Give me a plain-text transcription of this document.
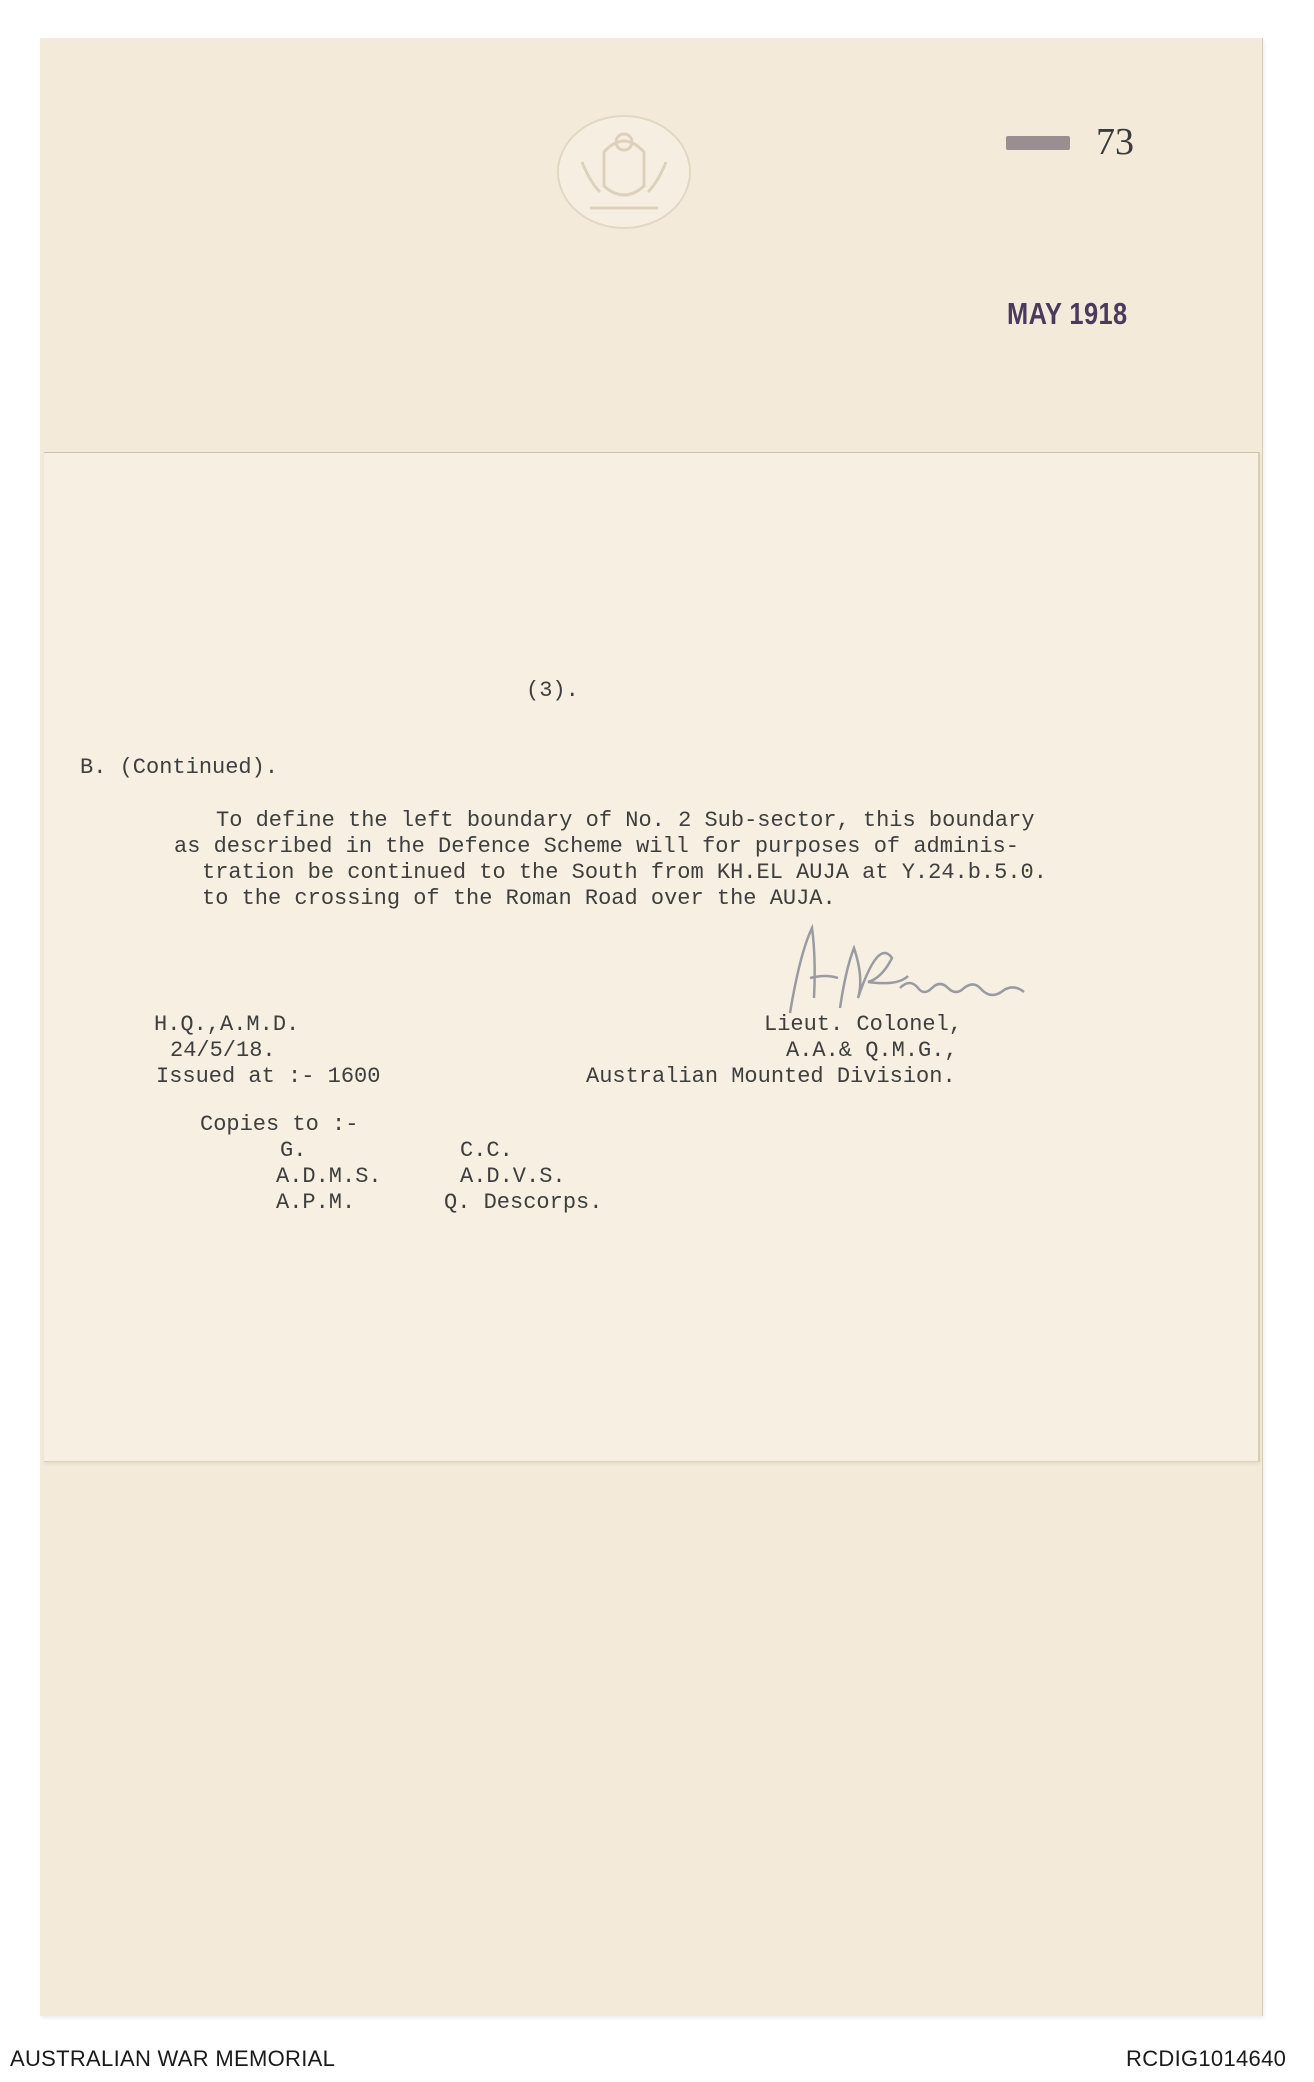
73
MAY 1918
(3).
B. (Continued).
To define the left boundary of No. 2 Sub-sector, this boundary
as described in the Defence Scheme will for purposes of adminis-
tration be continued to the South from KH.EL AUJA at Y.24.b.5.0.
to the crossing of the Roman Road over the AUJA.
H.Q.,A.M.D.
24/5/18.
Issued at :- 1600
Lieut. Colonel,
A.A.& Q.M.G.,
Australian Mounted Division.
Copies to :-
G.
A.D.M.S.
A.P.M.
C.C.
A.D.V.S.
Q. Descorps.
AUSTRALIAN WAR MEMORIAL	RCDIG1014640
